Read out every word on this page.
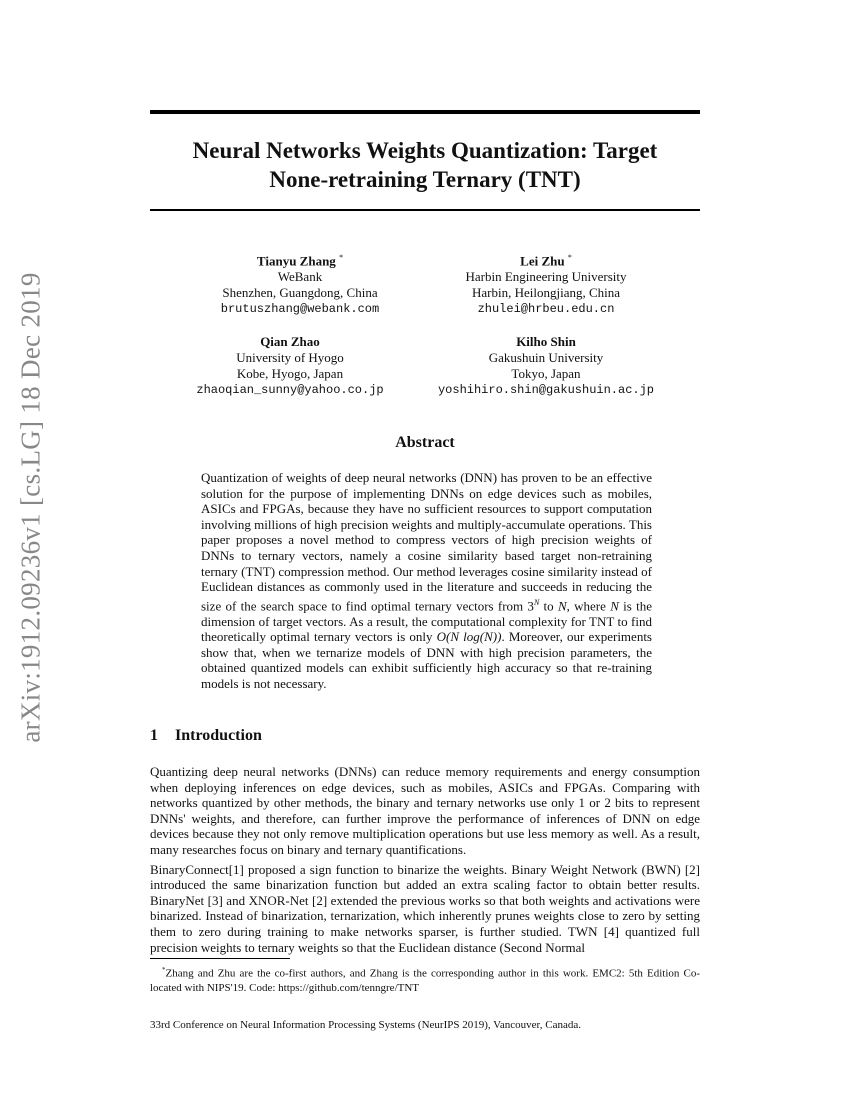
arXiv:1912.09236v1 [cs.LG] 18 Dec 2019
Neural Networks Weights Quantization: Target
None-retraining Ternary (TNT)
Tianyu Zhang *
WeBank
Shenzhen, Guangdong, China
brutuszhang@webank.com
Lei Zhu *
Harbin Engineering University
Harbin, Heilongjiang, China
zhulei@hrbeu.edu.cn
Qian Zhao
University of Hyogo
Kobe, Hyogo, Japan
zhaoqian_sunny@yahoo.co.jp
Kilho Shin
Gakushuin University
Tokyo, Japan
yoshihiro.shin@gakushuin.ac.jp
Abstract

Quantization of weights of deep neural networks (DNN) has proven to be an effective solution for the purpose of implementing DNNs on edge devices such as mobiles, ASICs and FPGAs, because they have no sufficient resources to support computation involving millions of high precision weights and multiply-accumulate operations. This paper proposes a novel method to compress vectors of high precision weights of DNNs to ternary vectors, namely a cosine similarity based target non-retraining ternary (TNT) compression method. Our method leverages cosine similarity instead of Euclidean distances as commonly used in the literature and succeeds in reducing the size of the search space to find optimal ternary vectors from $3^N$ to N, where N is the dimension of target vectors. As a result, the computational complexity for TNT to find theoretically optimal ternary vectors is only O(N log(N)). Moreover, our experiments show that, when we ternarize models of DNN with high precision parameters, the obtained quantized models can exhibit sufficiently high accuracy so that re-training models is not necessary.

1 Introduction

Quantizing deep neural networks (DNNs) can reduce memory requirements and energy consumption when deploying inferences on edge devices, such as mobiles, ASICs and FPGAs. Comparing with networks quantized by other methods, the binary and ternary networks use only 1 or 2 bits to represent DNNs' weights, and therefore, can further improve the performance of inferences of DNN on edge devices because they not only remove multiplication operations but use less memory as well. As a result, many researches focus on binary and ternary quantifications.

BinaryConnect[1] proposed a sign function to binarize the weights. Binary Weight Network (BWN) [2] introduced the same binarization function but added an extra scaling factor to obtain better results. BinaryNet [3] and XNOR-Net [2] extended the previous works so that both weights and activations were binarized. Instead of binarization, ternarization, which inherently prunes weights close to zero by setting them to zero during training to make networks sparser, is further studied. TWN [4] quantized full precision weights to ternary weights so that the Euclidean distance (Second Normal

*Zhang and Zhu are the co-first authors, and Zhang is the corresponding author in this work. EMC2: 5th Edition Co-located with NIPS'19. Code: https://github.com/tenngre/TNT

33rd Conference on Neural Information Processing Systems (NeurIPS 2019), Vancouver, Canada.
